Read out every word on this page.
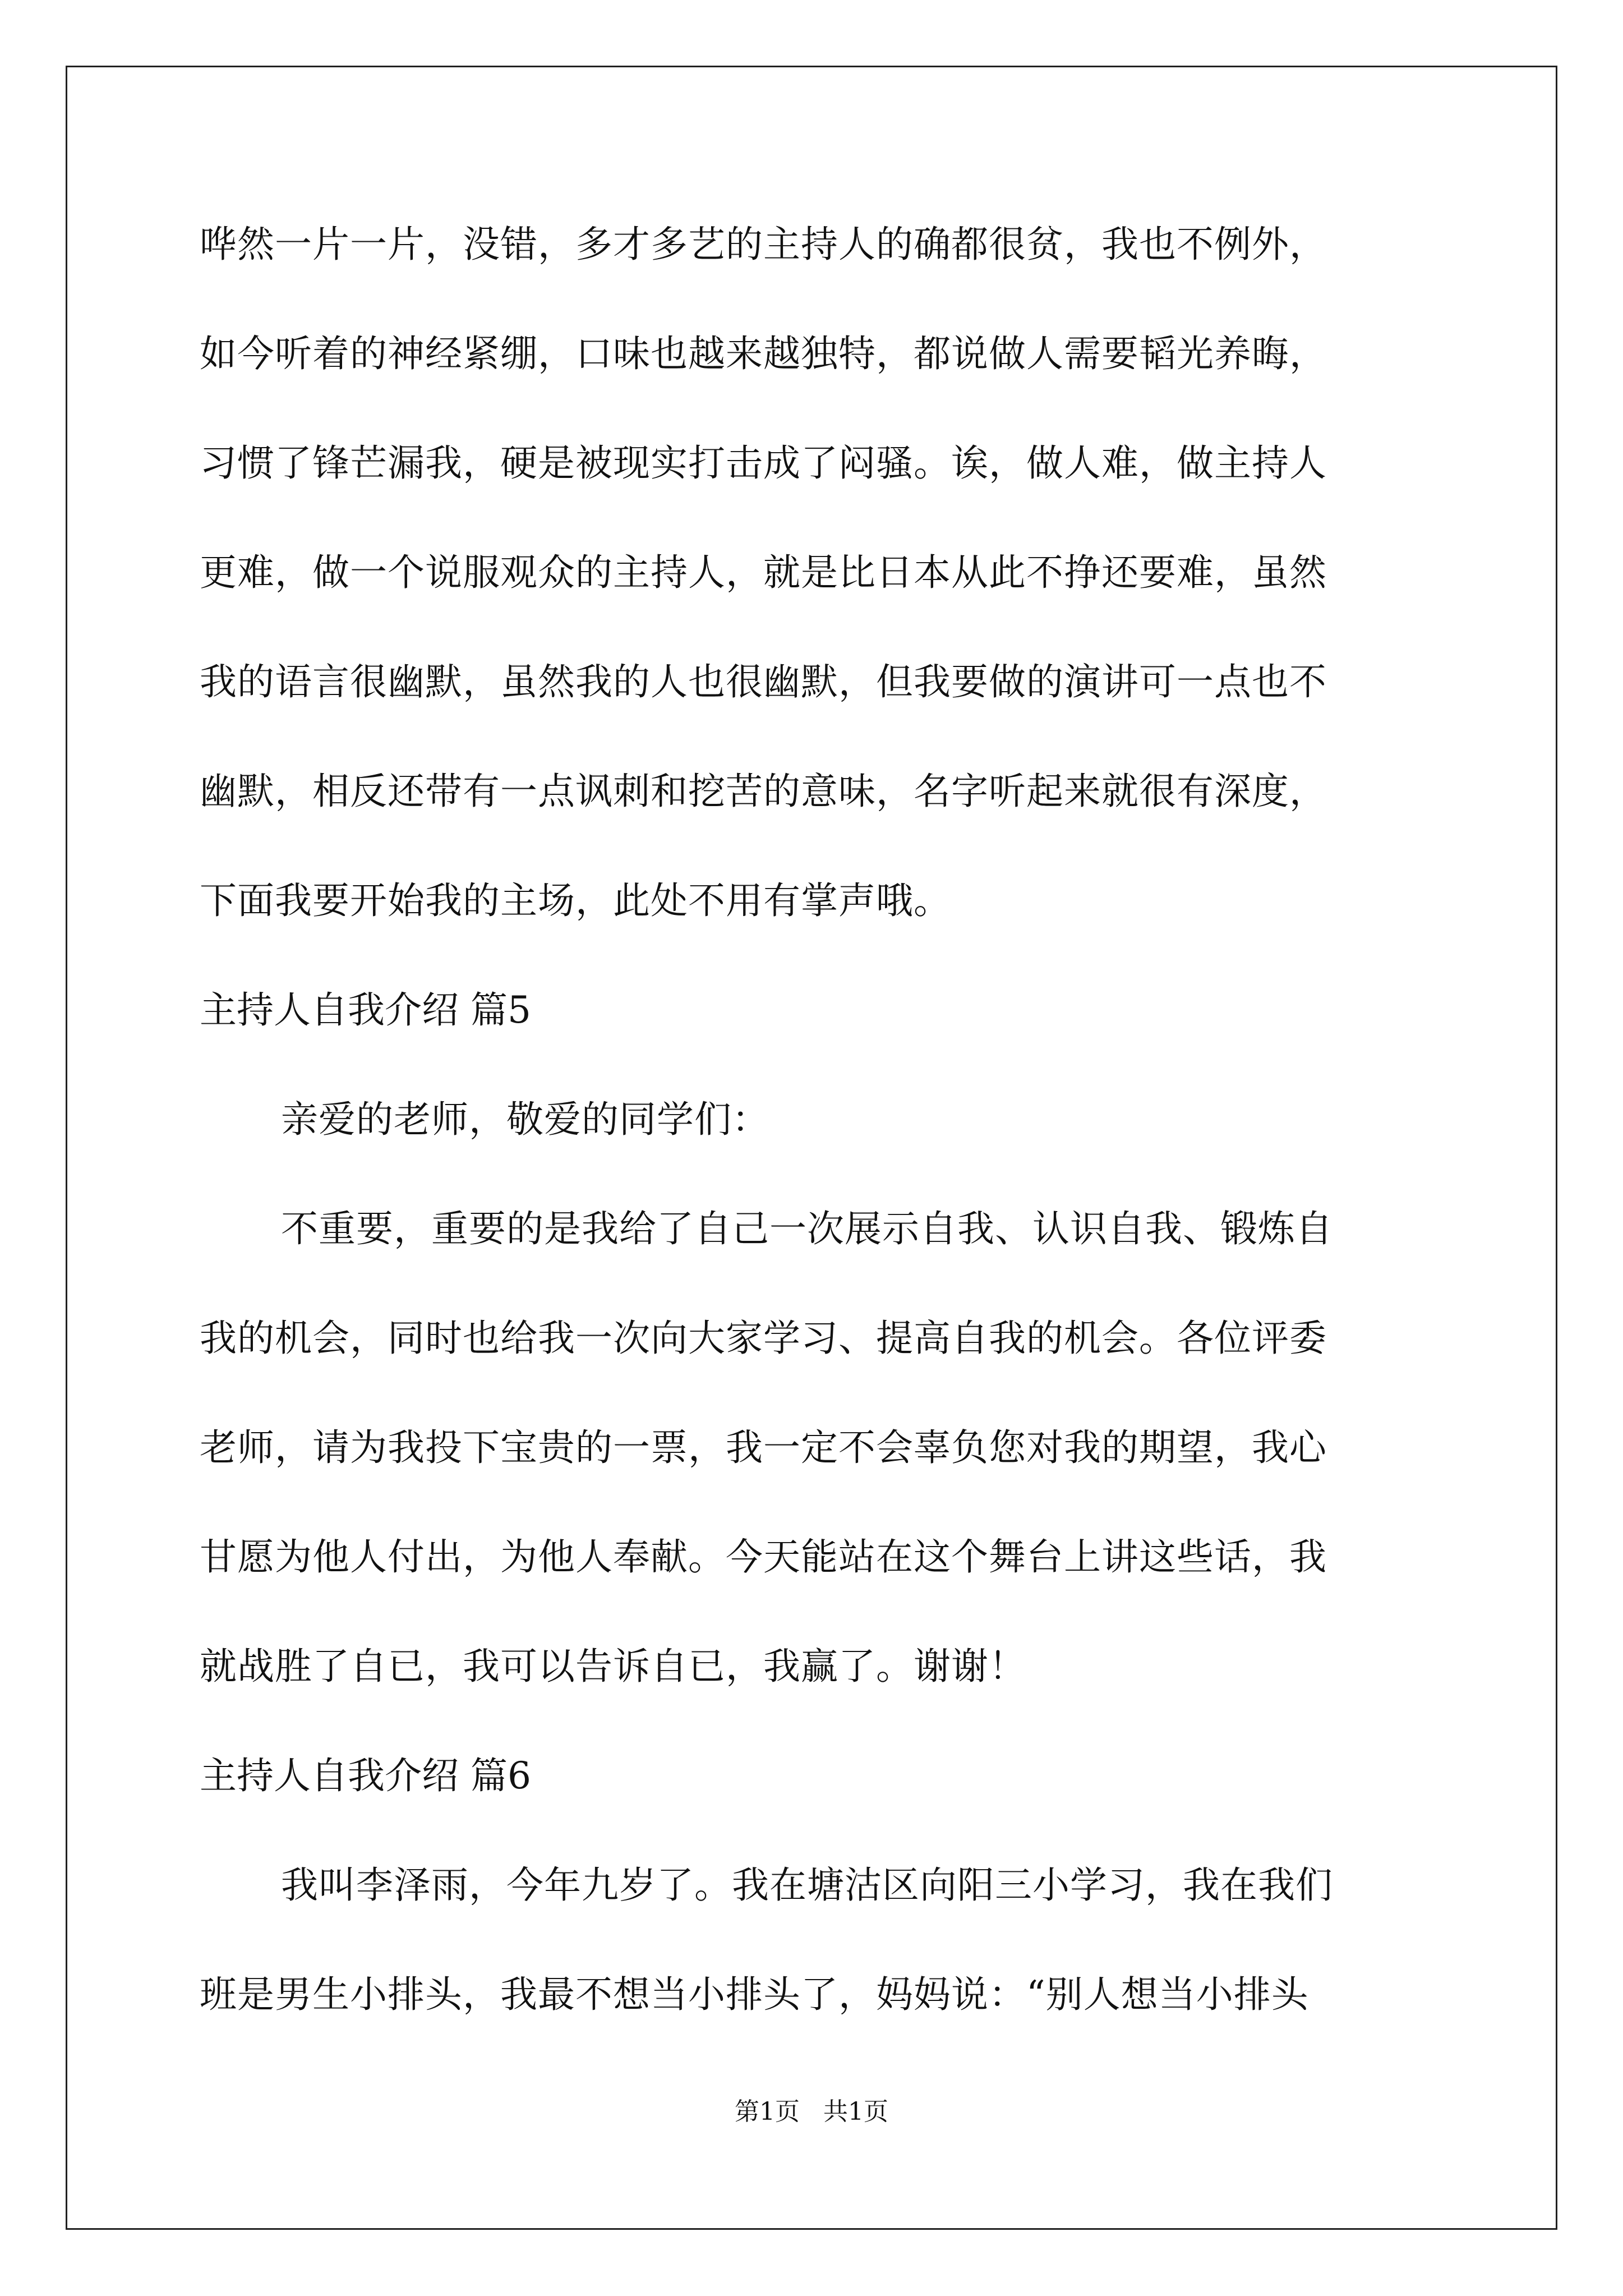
哗然一片一片，没错，多才多艺的主持人的确都很贫，我也不例外，
如今听着的神经紧绷，口味也越来越独特，都说做人需要韬光养晦，
习惯了锋芒漏我，硬是被现实打击成了闷骚。诶，做人难，做主持人
更难，做一个说服观众的主持人，就是比日本从此不挣还要难，虽然
我的语言很幽默，虽然我的人也很幽默，但我要做的演讲可一点也不
幽默，相反还带有一点讽刺和挖苦的意味，名字听起来就很有深度，
下面我要开始我的主场，此处不用有掌声哦。
主持人自我介绍 篇5
亲爱的老师，敬爱的同学们：
不重要，重要的是我给了自己一次展示自我、认识自我、锻炼自
我的机会，同时也给我一次向大家学习、提高自我的机会。各位评委
老师，请为我投下宝贵的一票，我一定不会辜负您对我的期望，我心
甘愿为他人付出，为他人奉献。今天能站在这个舞台上讲这些话，我
就战胜了自已，我可以告诉自已，我赢了。谢谢！
主持人自我介绍 篇6
我叫李泽雨，今年九岁了。我在塘沽区向阳三小学习，我在我们
班是男生小排头，我最不想当小排头了，妈妈说：“别人想当小排头
第1页   共1页
